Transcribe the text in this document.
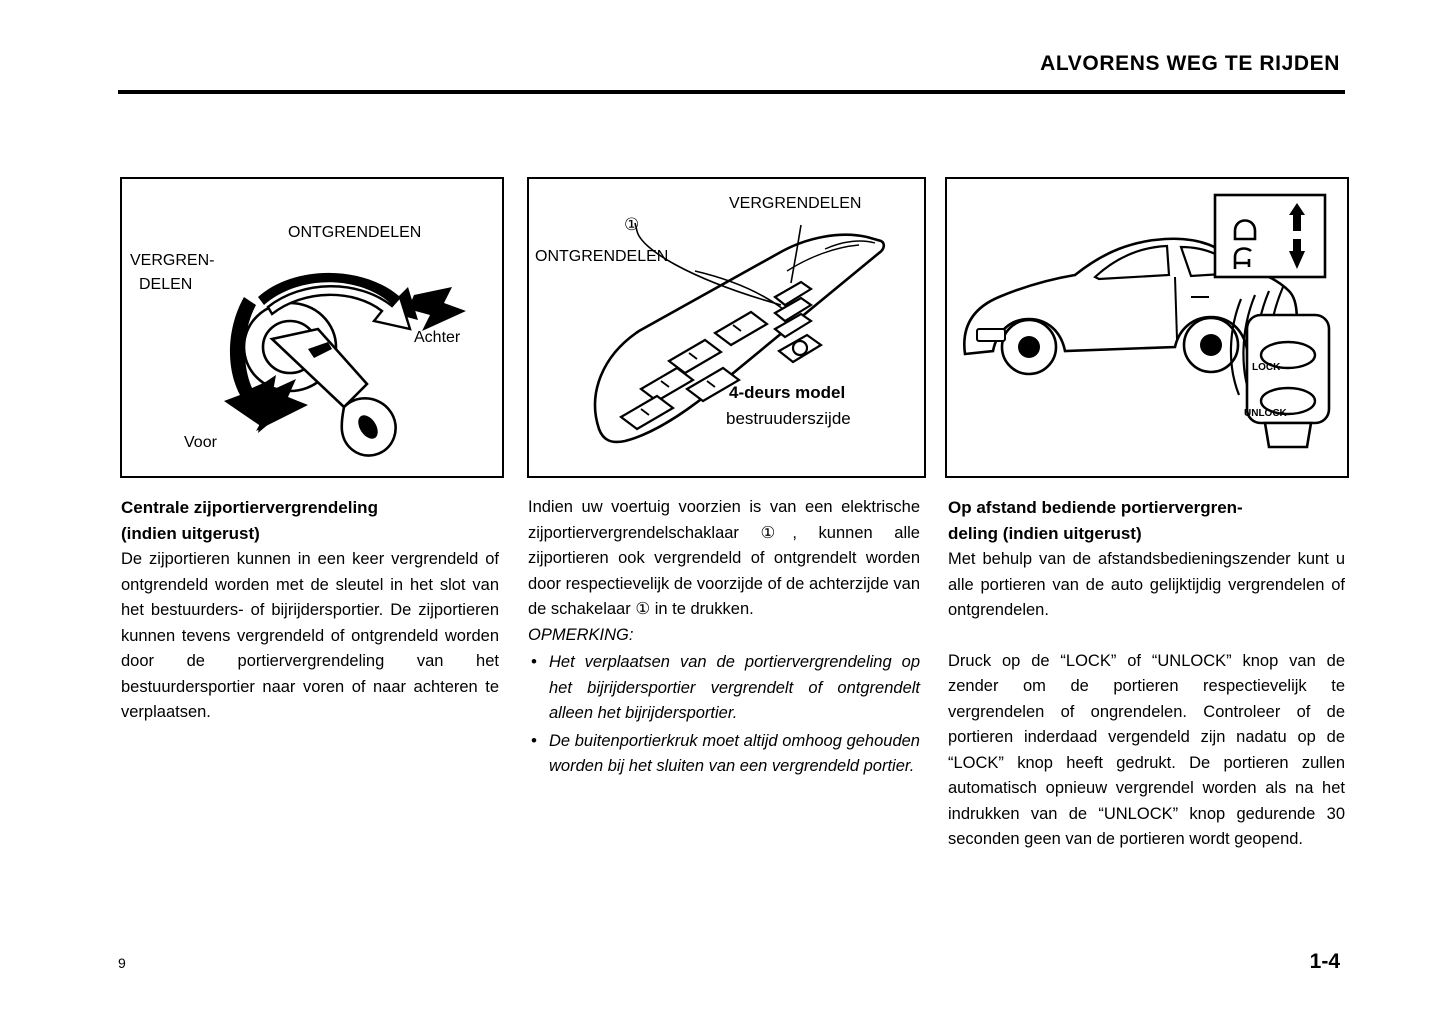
ALVORENS WEG TE RIJDEN
ONTGRENDELEN
VERGREN-
DELEN
Achter
Voor
VERGRENDELEN
①
ONTGRENDELEN
4-deurs model
bestruuderszijde
LOCK
UNLOCK
Centrale zijportiervergrendeling
(indien uitgerust)

De zijportieren kunnen in een keer vergrendeld of ontgrendeld worden met de sleutel in het slot van het bestuurders- of bijrijdersportier. De zijportieren kunnen tevens vergrendeld of ontgrendeld worden door de portiervergrendeling van het bestuurdersportier naar voren of naar achteren te verplaatsen.

Indien uw voertuig voorzien is van een elektrische zijportiervergrendelschaklaar ①, kunnen alle zijportieren ook vergrendeld of ontgrendelt worden door respectievelijk de voorzijde of de achterzijde van de schakelaar ① in te drukken.

OPMERKING:

• Het verplaatsen van de portiervergrendeling op het bijrijdersportier vergrendelt of ontgrendelt alleen het bijrijdersportier.
• De buitenportierkruk moet altijd omhoog gehouden worden bij het sluiten van een vergrendeld portier.
Op afstand bediende portiervergren-
deling (indien uitgerust)

Met behulp van de afstandsbedieningszender kunt u alle portieren van de auto gelijktijdig vergrendelen of ontgrendelen.

Druck op de “LOCK” of “UNLOCK” knop van de zender om de portieren respectievelijk te vergrendelen of ongrendelen. Controleer of de portieren inderdaad vergendeld zijn nadatu op de “LOCK” knop heeft gedrukt. De portieren zullen automatisch opnieuw vergrendel worden als na het indrukken van de “UNLOCK” knop gedurende 30 seconden geen van de portieren wordt geopend.

9	1-4
